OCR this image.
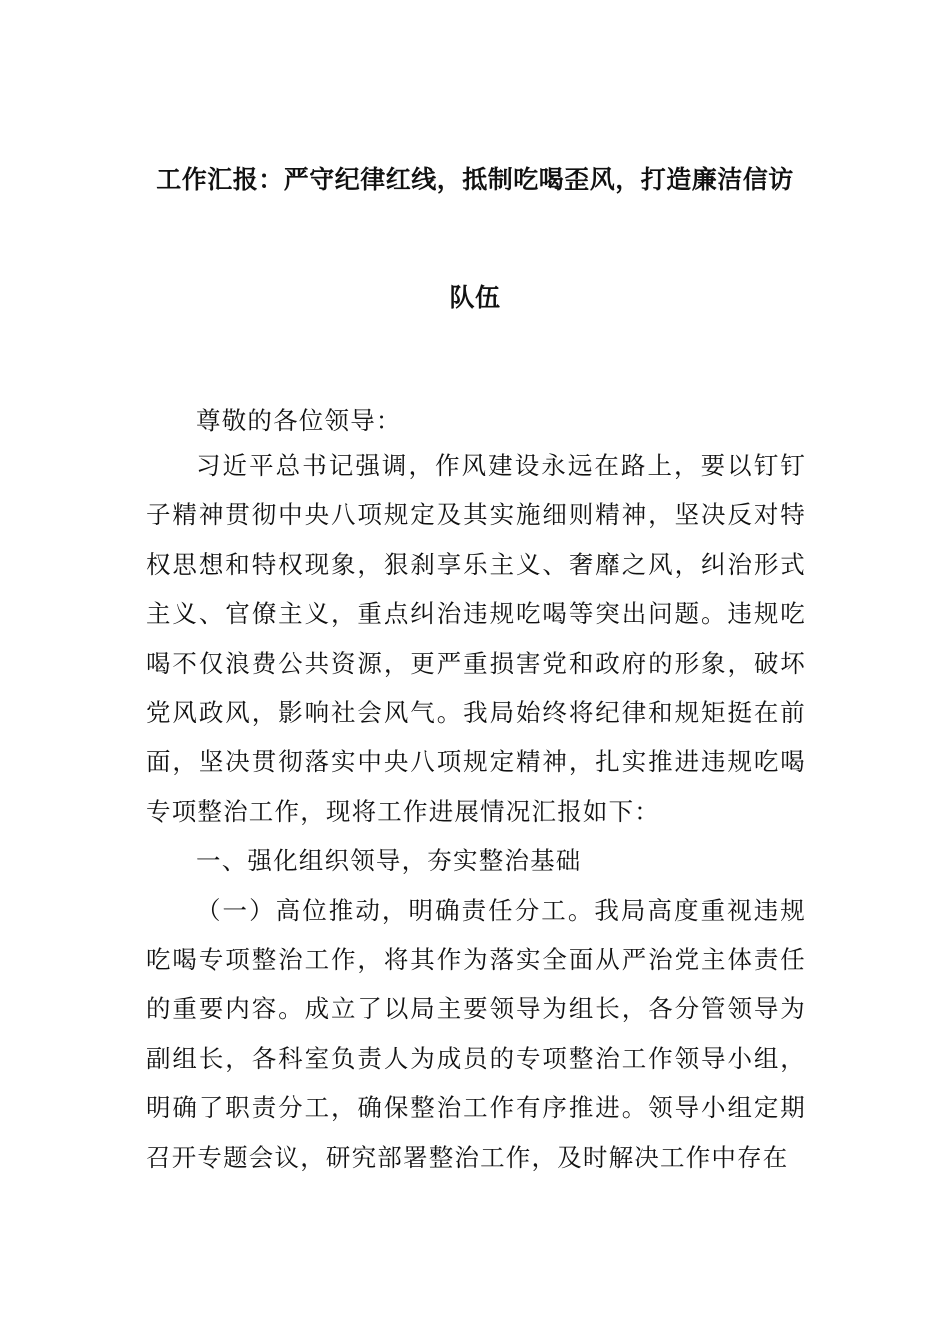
工作汇报：严守纪律红线，抵制吃喝歪风，打造廉洁信访
队伍

尊敬的各位领导：

习近平总书记强调，作风建设永远在路上，要以钉钉子精神贯彻中央八项规定及其实施细则精神，坚决反对特权思想和特权现象，狠刹享乐主义、奢靡之风，纠治形式主义、官僚主义，重点纠治违规吃喝等突出问题。违规吃喝不仅浪费公共资源，更严重损害党和政府的形象，破坏党风政风，影响社会风气。我局始终将纪律和规矩挺在前面，坚决贯彻落实中央八项规定精神，扎实推进违规吃喝专项整治工作，现将工作进展情况汇报如下：

一、强化组织领导，夯实整治基础

（一）高位推动，明确责任分工。我局高度重视违规吃喝专项整治工作，将其作为落实全面从严治党主体责任的重要内容。成立了以局主要领导为组长，各分管领导为副组长，各科室负责人为成员的专项整治工作领导小组，明确了职责分工，确保整治工作有序推进。领导小组定期召开专题会议，研究部署整治工作，及时解决工作中存在
